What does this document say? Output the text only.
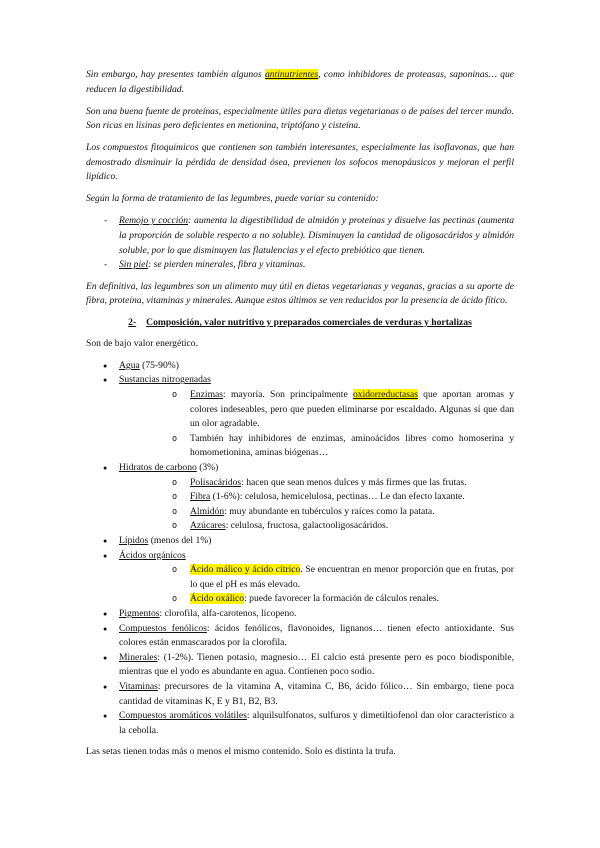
Sin embargo, hay presentes también algunos antinutrientes, como inhibidores de proteasas, saponinas… que reducen la digestibilidad.

Son una buena fuente de proteínas, especialmente útiles para dietas vegetarianas o de países del tercer mundo. Son ricas en lisinas pero deficientes en metionina, triptófano y cisteína.

Los compuestos fitoquímicos que contienen son también interesantes, especialmente las isoflavonas, que han demostrado disminuir la pérdida de densidad ósea, previenen los sofocos menopáusicos y mejoran el perfil lipídico.

Según la forma de tratamiento de las legumbres, puede variar su contenido:

- Remojo y cocción: aumenta la digestibilidad de almidón y proteínas y disuelve las pectinas (aumenta la proporción de soluble respecto a no soluble). Disminuyen la cantidad de oligosacáridos y almidón soluble, por lo que disminuyen las flatulencias y el efecto prebiótico que tienen.
- Sin piel: se pierden minerales, fibra y vitaminas.

En definitiva, las legumbres son un alimento muy útil en dietas vegetarianas y veganas, gracias a su aporte de fibra, proteína, vitaminas y minerales. Aunque estos últimos se ven reducidos por la presencia de ácido fítico.

2- Composición, valor nutritivo y preparados comerciales de verduras y hortalizas

Son de bajo valor energético.

● Agua (75-90%)
● Sustancias nitrogenadas
o Enzimas: mayoría. Son principalmente oxidorreductasas que aportan aromas y colores indeseables, pero que pueden eliminarse por escaldado. Algunas sí que dan un olor agradable.
o También hay inhibidores de enzimas, aminoácidos libres como homoserina y homometionina, aminas biógenas…
● Hidratos de carbono (3%)
o Polisacáridos: hacen que sean menos dulces y más firmes que las frutas.
o Fibra (1-6%): celulosa, hemicelulosa, pectinas… Le dan efecto laxante.
o Almidón: muy abundante en tubérculos y raíces como la patata.
o Azúcares: celulosa, fructosa, galactooligosacáridos.
● Lípidos (menos del 1%)
● Ácidos orgánicos
o Ácido málico y ácido cítrico. Se encuentran en menor proporción que en frutas, por lo que el pH es más elevado.
o Ácido oxálico: puede favorecer la formación de cálculos renales.
● Pigmentos: clorofila, alfa-carotenos, licopeno.
● Compuestos fenólicos: ácidos fenólicos, flavonoides, lignanos… tienen efecto antioxidante. Sus colores están enmascarados por la clorofila.
● Minerales: (1-2%). Tienen potasio, magnesio… El calcio está presente pero es poco biodisponible, mientras que el yodo es abundante en agua. Contienen poco sodio.
● Vitaminas: precursores de la vitamina A, vitamina C, B6, ácido fólico… Sin embargo, tiene poca cantidad de vitaminas K, E y B1, B2, B3.
● Compuestos aromáticos volátiles: alquilsulfonatos, sulfuros y dimetiltiofenol dan olor característico a la cebolla.

Las setas tienen todas más o menos el mismo contenido. Solo es distinta la trufa.
